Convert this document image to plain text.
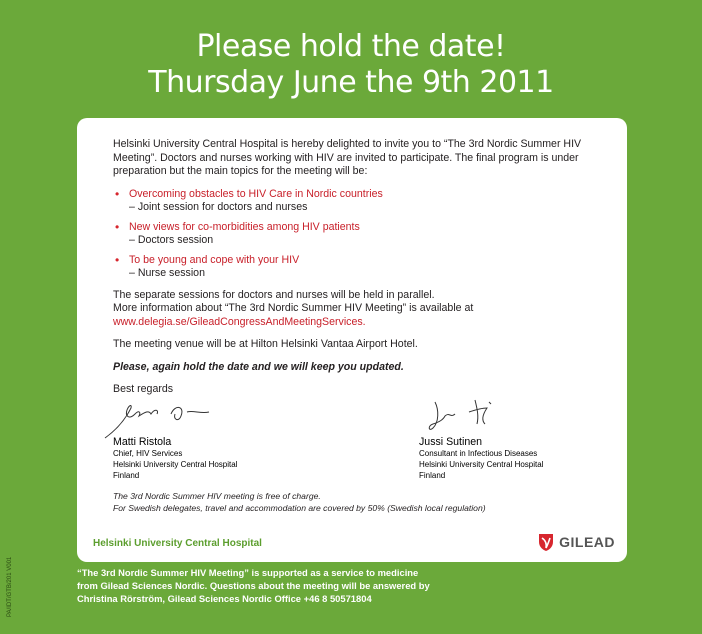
Please hold the date!
Thursday June the 9th 2011

Helsinki University Central Hospital is hereby delighted to invite you to “The 3rd Nordic Summer HIV Meeting”. Doctors and nurses working with HIV are invited to participate. The final program is under preparation but the main topics for the meeting will be:

• Overcoming obstacles to HIV Care in Nordic countries
– Joint session for doctors and nurses
• New views for co-morbidities among HIV patients
– Doctors session
• To be young and cope with your HIV
– Nurse session

The separate sessions for doctors and nurses will be held in parallel.
More information about “The 3rd Nordic Summer HIV Meeting” is available at
www.delegia.se/GileadCongressAndMeetingServices.

The meeting venue will be at Hilton Helsinki Vantaa Airport Hotel.

Please, again hold the date and we will keep you updated.

Best regards

Matti Ristola
Chief, HIV Services
Helsinki University Central Hospital
Finland
Jussi Sutinen
Consultant in Infectious Diseases
Helsinki University Central Hospital
Finland
The 3rd Nordic Summer HIV meeting is free of charge.
For Swedish delegates, travel and accommodation are covered by 50% (Swedish local regulation)
Helsinki University Central Hospital	GILEAD
“The 3rd Nordic Summer HIV Meeting” is supported as a service to medicine
from Gilead Sciences Nordic. Questions about the meeting will be answered by
Christina Rörström, Gilead Sciences Nordic Office +46 8 50571804
PA/IDT/GTB/201 V001
